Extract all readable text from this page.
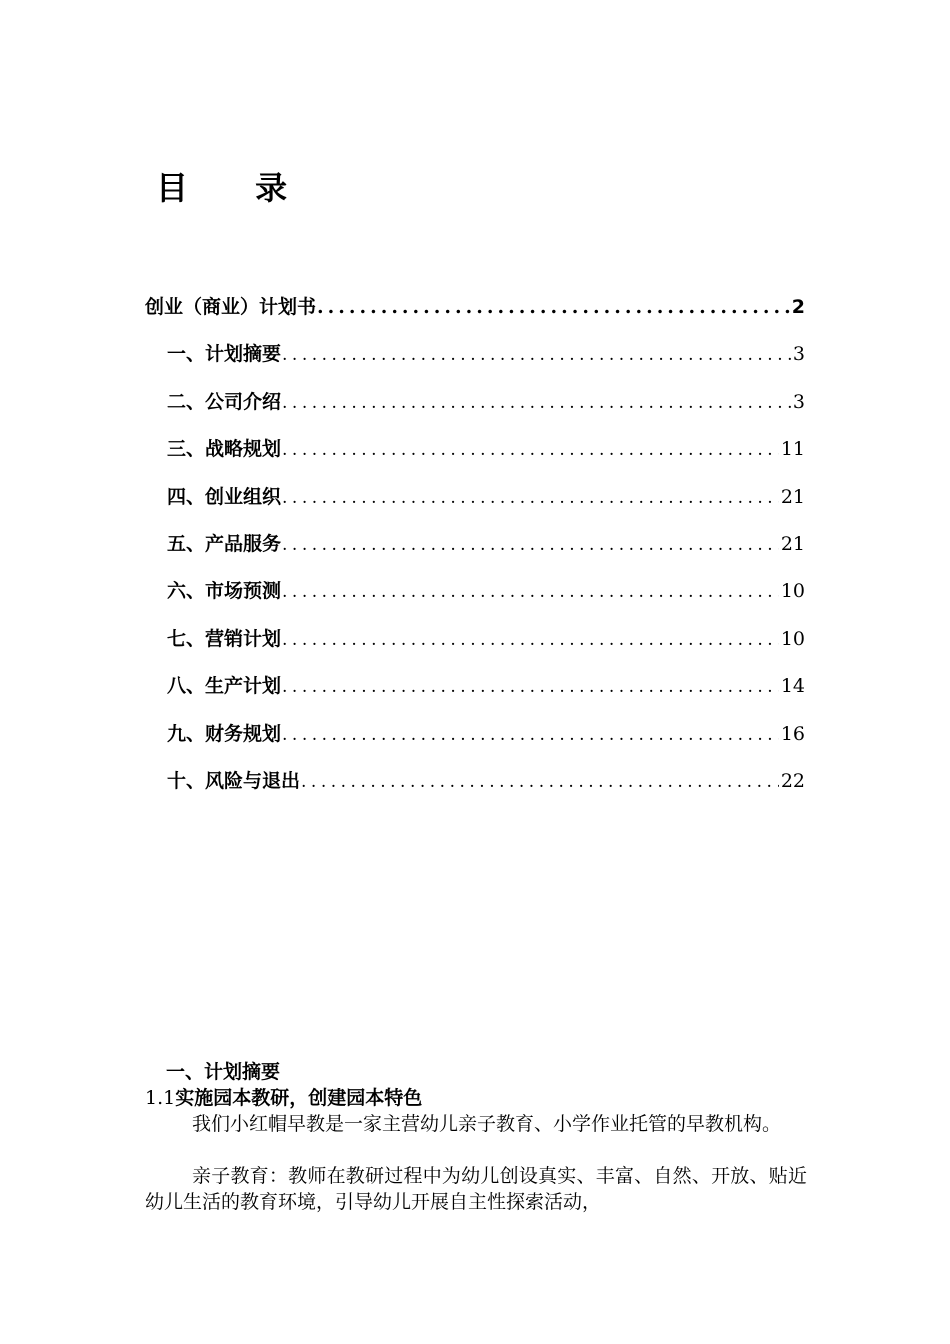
目 录
创业（商业）计划书 .....	2
一、计划摘要 .....	3
二、公司介绍 .....	3
三、战略规划 .....	11
四、创业组织 .....	21
五、产品服务 .....	21
六、市场预测 .....	10
七、营销计划 .....	10
八、生产计划 .....	14
九、财务规划 .....	16
十、风险与退出 .....	22
一、计划摘要
1.1实施园本教研，创建园本特色

我们小红帽早教是一家主营幼儿亲子教育、小学作业托管的早教机构。

亲子教育：教师在教研过程中为幼儿创设真实、丰富、自然、开放、贴近幼儿生活的教育环境，引导幼儿开展自主性探索活动，
